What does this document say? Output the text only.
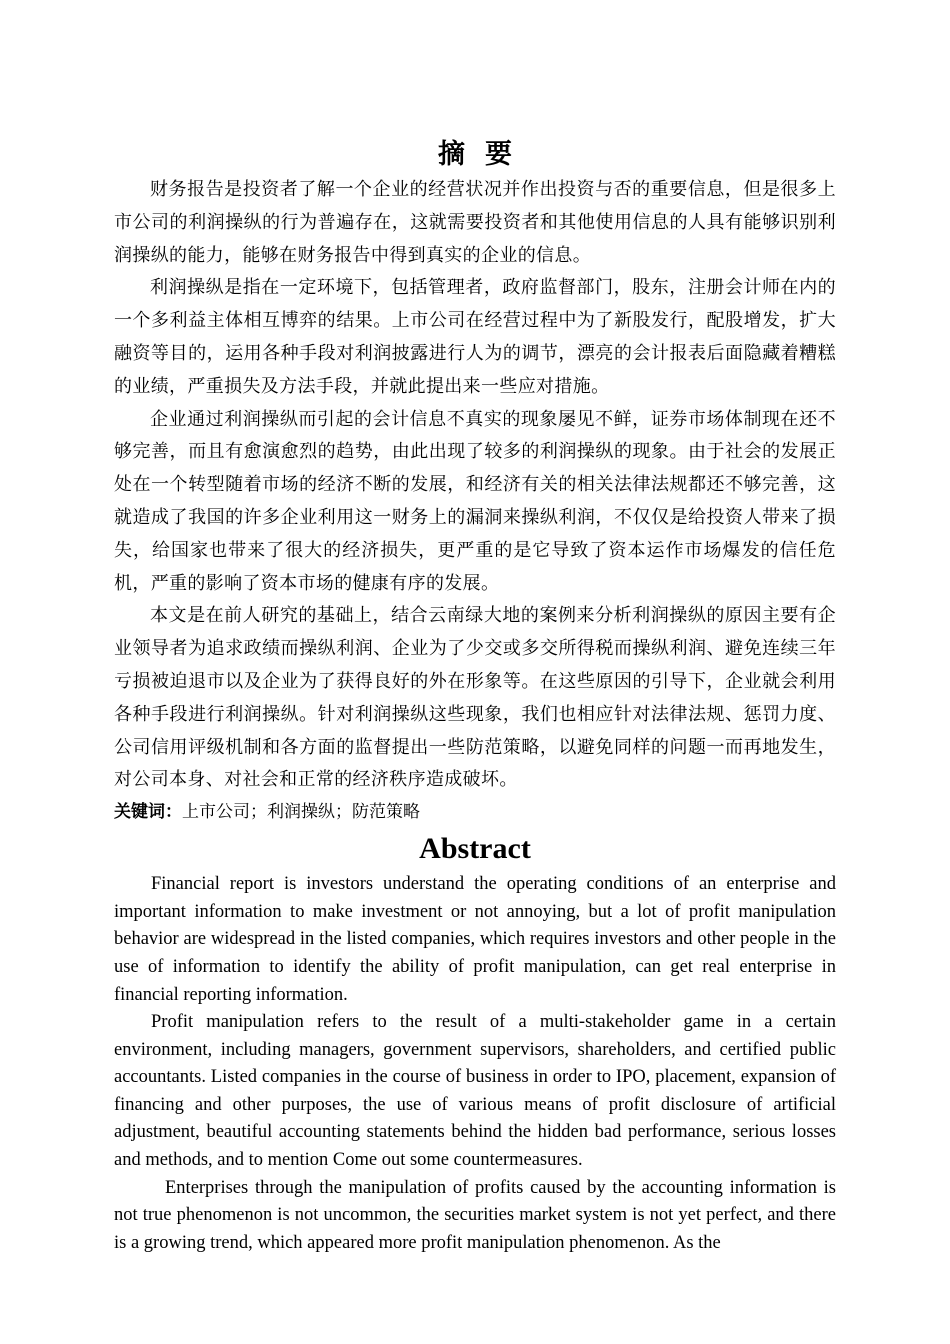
摘要

财务报告是投资者了解一个企业的经营状况并作出投资与否的重要信息，但是很多上市公司的利润操纵的行为普遍存在，这就需要投资者和其他使用信息的人具有能够识别利润操纵的能力，能够在财务报告中得到真实的企业的信息。

利润操纵是指在一定环境下，包括管理者，政府监督部门，股东，注册会计师在内的一个多利益主体相互博弈的结果。上市公司在经营过程中为了新股发行，配股增发，扩大融资等目的，运用各种手段对利润披露进行人为的调节，漂亮的会计报表后面隐藏着糟糕的业绩，严重损失及方法手段，并就此提出来一些应对措施。

企业通过利润操纵而引起的会计信息不真实的现象屡见不鲜，证券市场体制现在还不够完善，而且有愈演愈烈的趋势，由此出现了较多的利润操纵的现象。由于社会的发展正处在一个转型随着市场的经济不断的发展，和经济有关的相关法律法规都还不够完善，这就造成了我国的许多企业利用这一财务上的漏洞来操纵利润，不仅仅是给投资人带来了损失，给国家也带来了很大的经济损失，更严重的是它导致了资本运作市场爆发的信任危机，严重的影响了资本市场的健康有序的发展。

本文是在前人研究的基础上，结合云南绿大地的案例来分析利润操纵的原因主要有企业领导者为追求政绩而操纵利润、企业为了少交或多交所得税而操纵利润、避免连续三年亏损被迫退市以及企业为了获得良好的外在形象等。在这些原因的引导下，企业就会利用各种手段进行利润操纵。针对利润操纵这些现象，我们也相应针对法律法规、惩罚力度、公司信用评级机制和各方面的监督提出一些防范策略，以避免同样的问题一而再地发生，对公司本身、对社会和正常的经济秩序造成破坏。

关键词：上市公司；利润操纵；防范策略

Abstract

Financial report is investors understand the operating conditions of an enterprise and important information to make investment or not annoying, but a lot of profit manipulation behavior are widespread in the listed companies, which requires investors and other people in the use of information to identify the ability of profit manipulation, can get real enterprise in financial reporting information.

Profit manipulation refers to the result of a multi-stakeholder game in a certain environment, including managers, government supervisors, shareholders, and certified public accountants. Listed companies in the course of business in order to IPO, placement, expansion of financing and other purposes, the use of various means of profit disclosure of artificial adjustment, beautiful accounting statements behind the hidden bad performance, serious losses and methods, and to mention Come out some countermeasures.

Enterprises through the manipulation of profits caused by the accounting information is not true phenomenon is not uncommon, the securities market system is not yet perfect, and there is a growing trend, which appeared more profit manipulation phenomenon. As the
